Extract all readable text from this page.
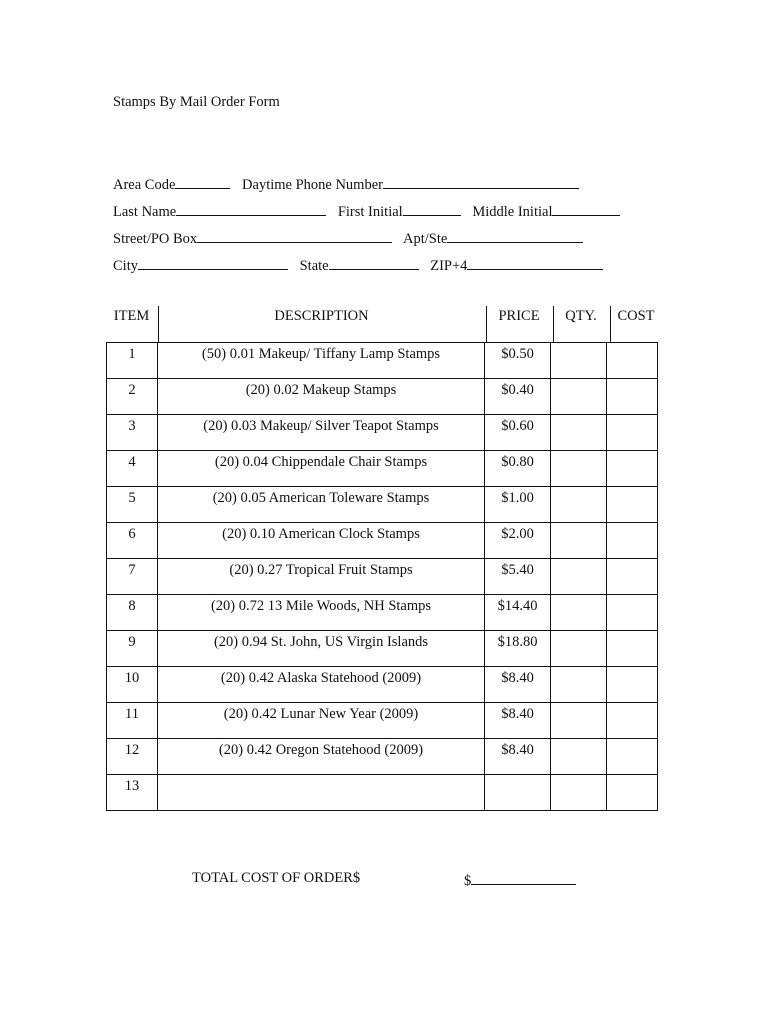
Stamps By Mail Order Form
Area Code	Daytime Phone Number
Last Name	First Initial	Middle Initial
Street/PO Box	Apt/Ste
City	State	ZIP+4
ITEM	DESCRIPTION	PRICE	QTY.	COST
1	(50) 0.01 Makeup/ Tiffany Lamp Stamps	$0.50		

2	(20) 0.02 Makeup Stamps	$0.40		

3	(20) 0.03 Makeup/ Silver Teapot Stamps	$0.60		

4	(20) 0.04 Chippendale Chair Stamps	$0.80		

5	(20) 0.05 American Toleware Stamps	$1.00		

6	(20) 0.10 American Clock Stamps	$2.00		

7	(20) 0.27 Tropical Fruit Stamps	$5.40		

8	(20) 0.72 13 Mile Woods, NH Stamps	$14.40		

9	(20) 0.94 St. John, US Virgin Islands	$18.80		

10	(20) 0.42 Alaska Statehood (2009)	$8.40		

11	(20) 0.42 Lunar New Year (2009)	$8.40		

12	(20) 0.42 Oregon Statehood (2009)	$8.40		

13				

TOTAL COST OF ORDER$	$
